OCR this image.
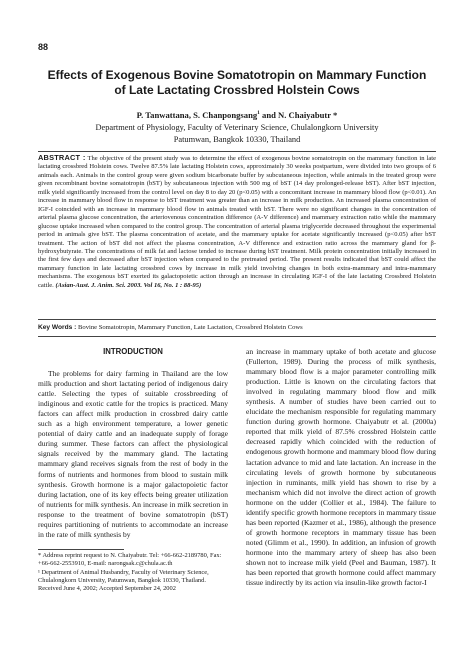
88
Effects of Exogenous Bovine Somatotropin on Mammary Function
of Late Lactating Crossbred Holstein Cows
P. Tanwattana, S. Chanpongsang$^1$ and N. Chaiyabutr *
Department of Physiology, Faculty of Veterinary Science, Chulalongkorn University
Patumwan, Bangkok 10330, Thailand
ABSTRACT : The objective of the present study was to determine the effect of exogenous bovine somatotropin on the mammary function in late lactating crossbred Holstein cows. Twelve 87.5% late lactating Holstein cows, approximately 30 weeks postpartum, were divided into two groups of 6 animals each. Animals in the control group were given sodium bicarbonate buffer by subcutaneous injection, while animals in the treated group were given recombinant bovine somatotropin (bST) by subcutaneous injection with 500 mg of bST (14 day prolonged-release bST). After bST injection, milk yield significantly increased from the control level on day 8 to day 20 (p<0.05) with a concomitant increase in mammary blood flow (p<0.01). An increase in mammary blood flow in response to bST treatment was greater than an increase in milk production. An increased plasma concentration of IGF-I coincided with an increase in mammary blood flow in animals treated with bST. There were no significant changes in the concentration of arterial plasma glucose concentration, the arteriovenous concentration difference (A-V difference) and mammary extraction ratio while the mammary glucose uptake increased when compared to the control group. The concentration of arterial plasma triglyceride decreased throughout the experimental period in animals give bST. The plasma concentration of acetate, and the mammary uptake for acetate significantly increased (p<0.05) after bST treatment. The action of bST did not affect the plasma concentration, A-V difference and extraction ratio across the mammary gland for β-hydroxybutyrate. The concentrations of milk fat and lactose tended to increase during bST treatment. Milk protein concentration initially increased in the first few days and decreased after bST injection when compared to the pretreated period. The present results indicated that bST could affect the mammary function in late lactating crossbred cows by increase in milk yield involving changes in both extra-mammary and intra-mammary mechanisms. The exogenous bST exerted its galactopoietic action through an increase in circulating IGF-I of the late lactating Crossbred Holstein cattle. (Asian-Aust. J. Anim. Sci. 2003. Vol 16, No. 1 : 88-95)
Key Words : Bovine Somatotropin, Mammary Function, Late Lactation, Crossbred Holstein Cows
INTRODUCTION

The problems for dairy farming in Thailand are the low milk production and short lactating period of indigenous dairy cattle. Selecting the types of suitable crossbreeding of indiginous and exotic cattle for the tropics is practiced. Many factors can affect milk production in crossbred dairy cattle such as a high environment temperature, a lower genetic potential of dairy cattle and an inadequate supply of forage during summer. These factors can affect the physiological signals received by the mammary gland. The lactating mammary gland receives signals from the rest of body in the forms of nutrients and hormones from blood to sustain milk synthesis. Growth hormone is a major galactopoietic factor during lactation, one of its key effects being greater utilization of nutrients for milk synthesis. An increase in milk secretion in response to the treatment of bovine somatotropin (bST) requires partitioning of nutrients to accommodate an increase in the rate of milk synthesis by

an increase in mammary uptake of both acetate and glucose (Fullerton, 1989). During the process of milk synthesis, mammary blood flow is a major parameter controlling milk production. Little is known on the circulating factors that involved in regulating mammary blood flow and milk synthesis. A number of studies have been carried out to elucidate the mechanism responsible for regulating mammary function during growth hormone. Chaiyabutr et al. (2000a) reported that milk yield of 87.5% crossbred Holstein cattle decreased rapidly which coincided with the reduction of endogenous growth hormone and mammary blood flow during lactation advance to mid and late lactation. An increase in the circulating levels of growth hormone by subcutaneous injection in ruminants, milk yield has shown to rise by a mechanism which did not involve the direct action of growth hormone on the udder (Collier et al., 1984). The failure to identify specific growth hormone receptors in mammary tissue has been reported (Kazmer et al., 1986), although the presence of growth hormone receptors in mammary tissue has been noted (Glimm et al., 1990). In addition, an infusion of growth hormone into the mammary artery of sheep has also been shown not to increase milk yield (Peel and Bauman, 1987). It has been reported that growth hormone could affect mammary tissue indirectly by its action via insulin-like growth factor-I

* Address reprint request to N. Chaiyabutr. Tel: +66-662-2189780, Fax: +66-662-2553910, E-mail: narongsak.c@chula.ac.th
¹ Department of Animal Husbandry, Faculty of Veterinary Science, Chulalongkorn University, Patumwan, Bangkok 10330, Thailand.
Received June 4, 2002; Accepted September 24, 2002
